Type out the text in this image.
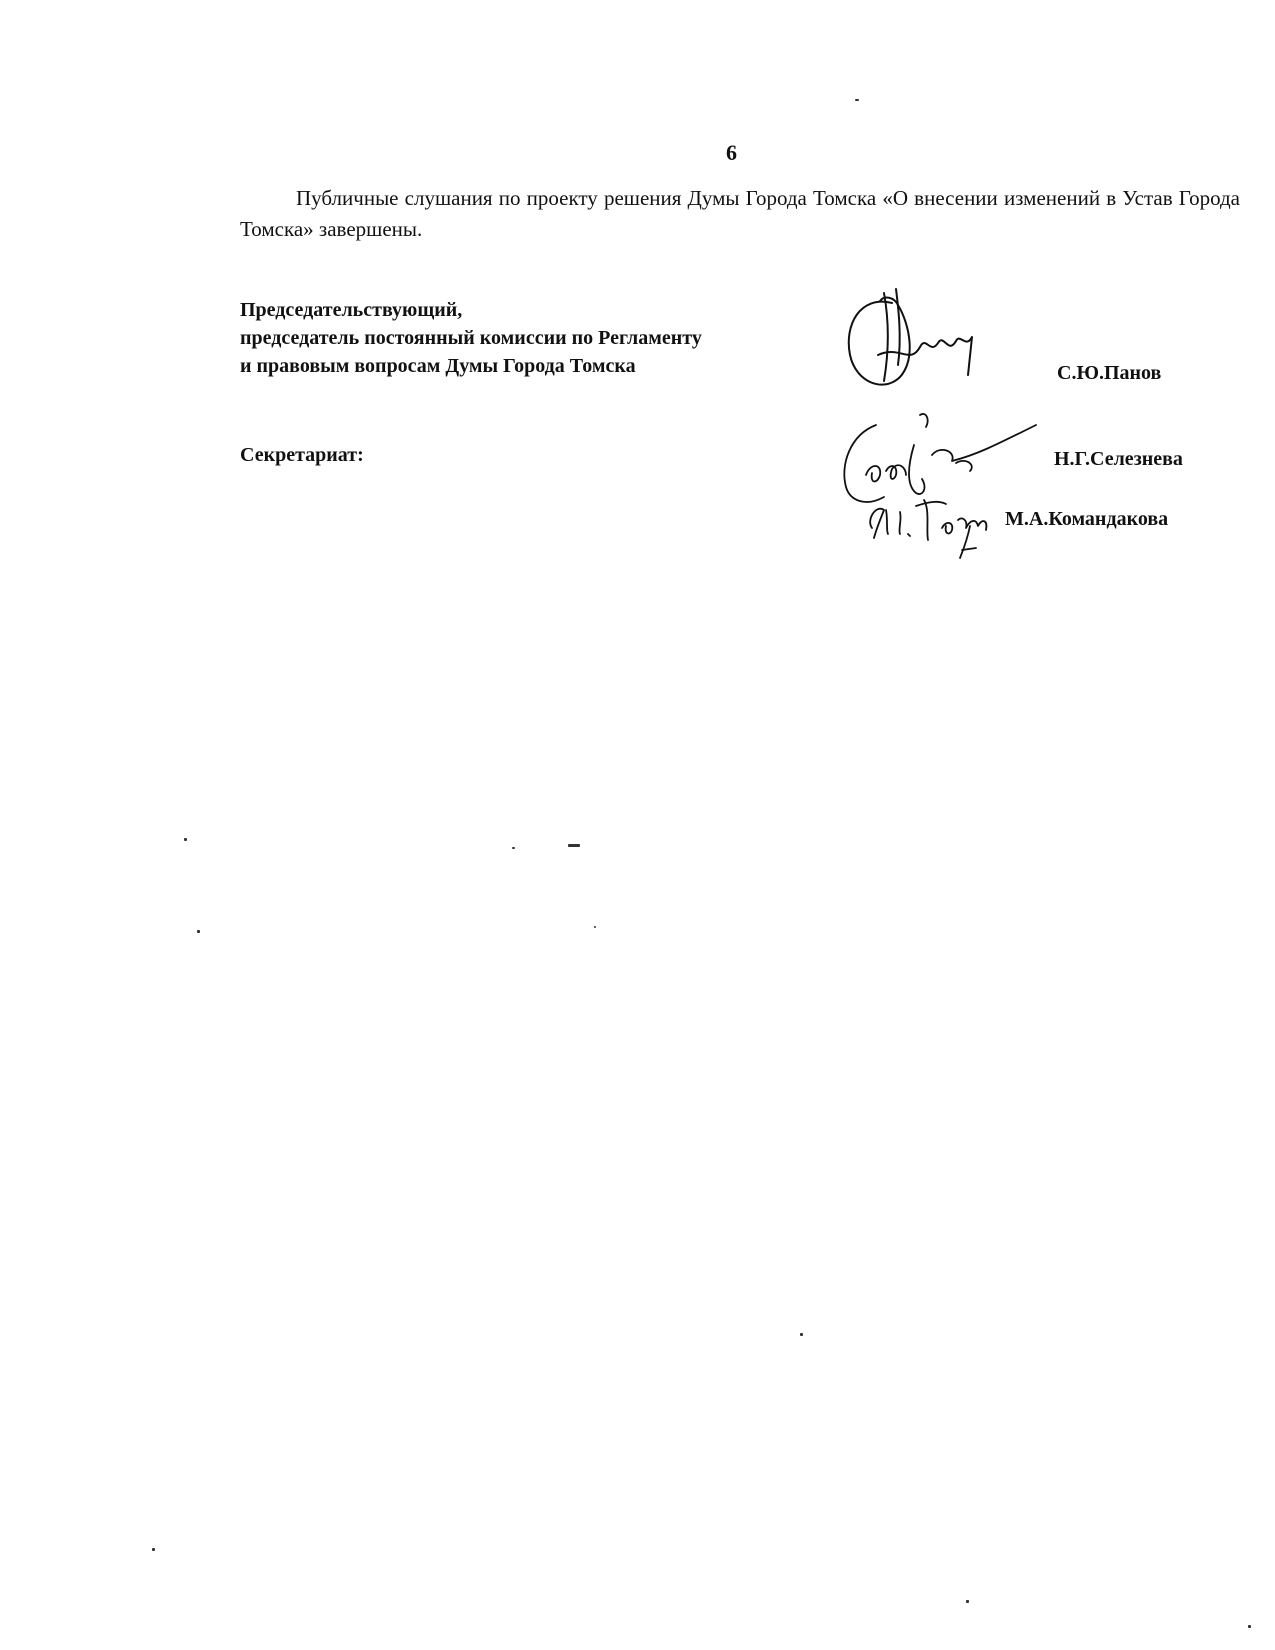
6
Публичные слушания по проекту решения Думы Города Томска «О внесении изменений в Устав Города Томска» завершены.
Председательствующий,
председатель постоянный комиссии по Регламенту
и правовым вопросам Думы Города Томска	С.Ю.Панов
Секретариат:	Н.Г.Селезнева
М.А.Командакова
